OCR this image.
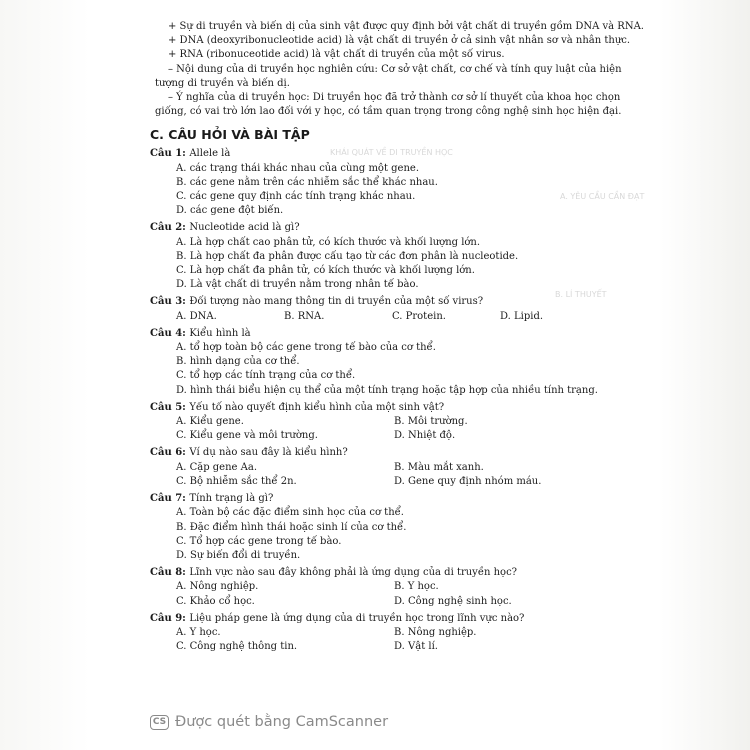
KHÁI QUÁT VỀ DI TRUYỀN HỌC
A. YÊU CẦU CẦN ĐẠT
B. LÍ THUYẾT
+ Sự di truyền và biến dị của sinh vật được quy định bởi vật chất di truyền gồm DNA và RNA.
+ DNA (deoxyribonucleotide acid) là vật chất di truyền ở cả sinh vật nhân sơ và nhân thực.
+ RNA (ribonuceotide acid) là vật chất di truyền của một số virus.
– Nội dung của di truyền học nghiên cứu: Cơ sở vật chất, cơ chế và tính quy luật của hiện
tượng di truyền và biến dị.
– Ý nghĩa của di truyền học: Di truyền học đã trở thành cơ sở lí thuyết của khoa học chọn
giống, có vai trò lớn lao đối với y học, có tầm quan trọng trong công nghệ sinh học hiện đại.
C. CÂU HỎI VÀ BÀI TẬP
Câu 1: Allele là
A. các trạng thái khác nhau của cùng một gene.
B. các gene nằm trên các nhiễm sắc thể khác nhau.
C. các gene quy định các tính trạng khác nhau.
D. các gene đột biến.
Câu 2: Nucleotide acid là gì?
A. Là hợp chất cao phân tử, có kích thước và khối lượng lớn.
B. Là hợp chất đa phân được cấu tạo từ các đơn phân là nucleotide.
C. Là hợp chất đa phân tử, có kích thước và khối lượng lớn.
D. Là vật chất di truyền nằm trong nhân tế bào.
Câu 3: Đối tượng nào mang thông tin di truyền của một số virus?
A. DNA.	B. RNA.	C. Protein.	D. Lipid.
Câu 4: Kiểu hình là
A. tổ hợp toàn bộ các gene trong tế bào của cơ thể.
B. hình dạng của cơ thể.
C. tổ hợp các tính trạng của cơ thể.
D. hình thái biểu hiện cụ thể của một tính trạng hoặc tập hợp của nhiều tính trạng.
Câu 5: Yếu tố nào quyết định kiểu hình của một sinh vật?
A. Kiểu gene.	B. Môi trường.
C. Kiểu gene và môi trường.	D. Nhiệt độ.
Câu 6: Ví dụ nào sau đây là kiểu hình?
A. Cặp gene Aa.	B. Màu mắt xanh.
C. Bộ nhiễm sắc thể 2n.	D. Gene quy định nhóm máu.
Câu 7: Tính trạng là gì?
A. Toàn bộ các đặc điểm sinh học của cơ thể.
B. Đặc điểm hình thái hoặc sinh lí của cơ thể.
C. Tổ hợp các gene trong tế bào.
D. Sự biến đổi di truyền.
Câu 8: Lĩnh vực nào sau đây không phải là ứng dụng của di truyền học?
A. Nông nghiệp.	B. Y học.
C. Khảo cổ học.	D. Công nghệ sinh học.
Câu 9: Liệu pháp gene là ứng dụng của di truyền học trong lĩnh vực nào?
A. Y học.	B. Nông nghiệp.
C. Công nghệ thông tin.	D. Vật lí.
CS Được quét bằng CamScanner
